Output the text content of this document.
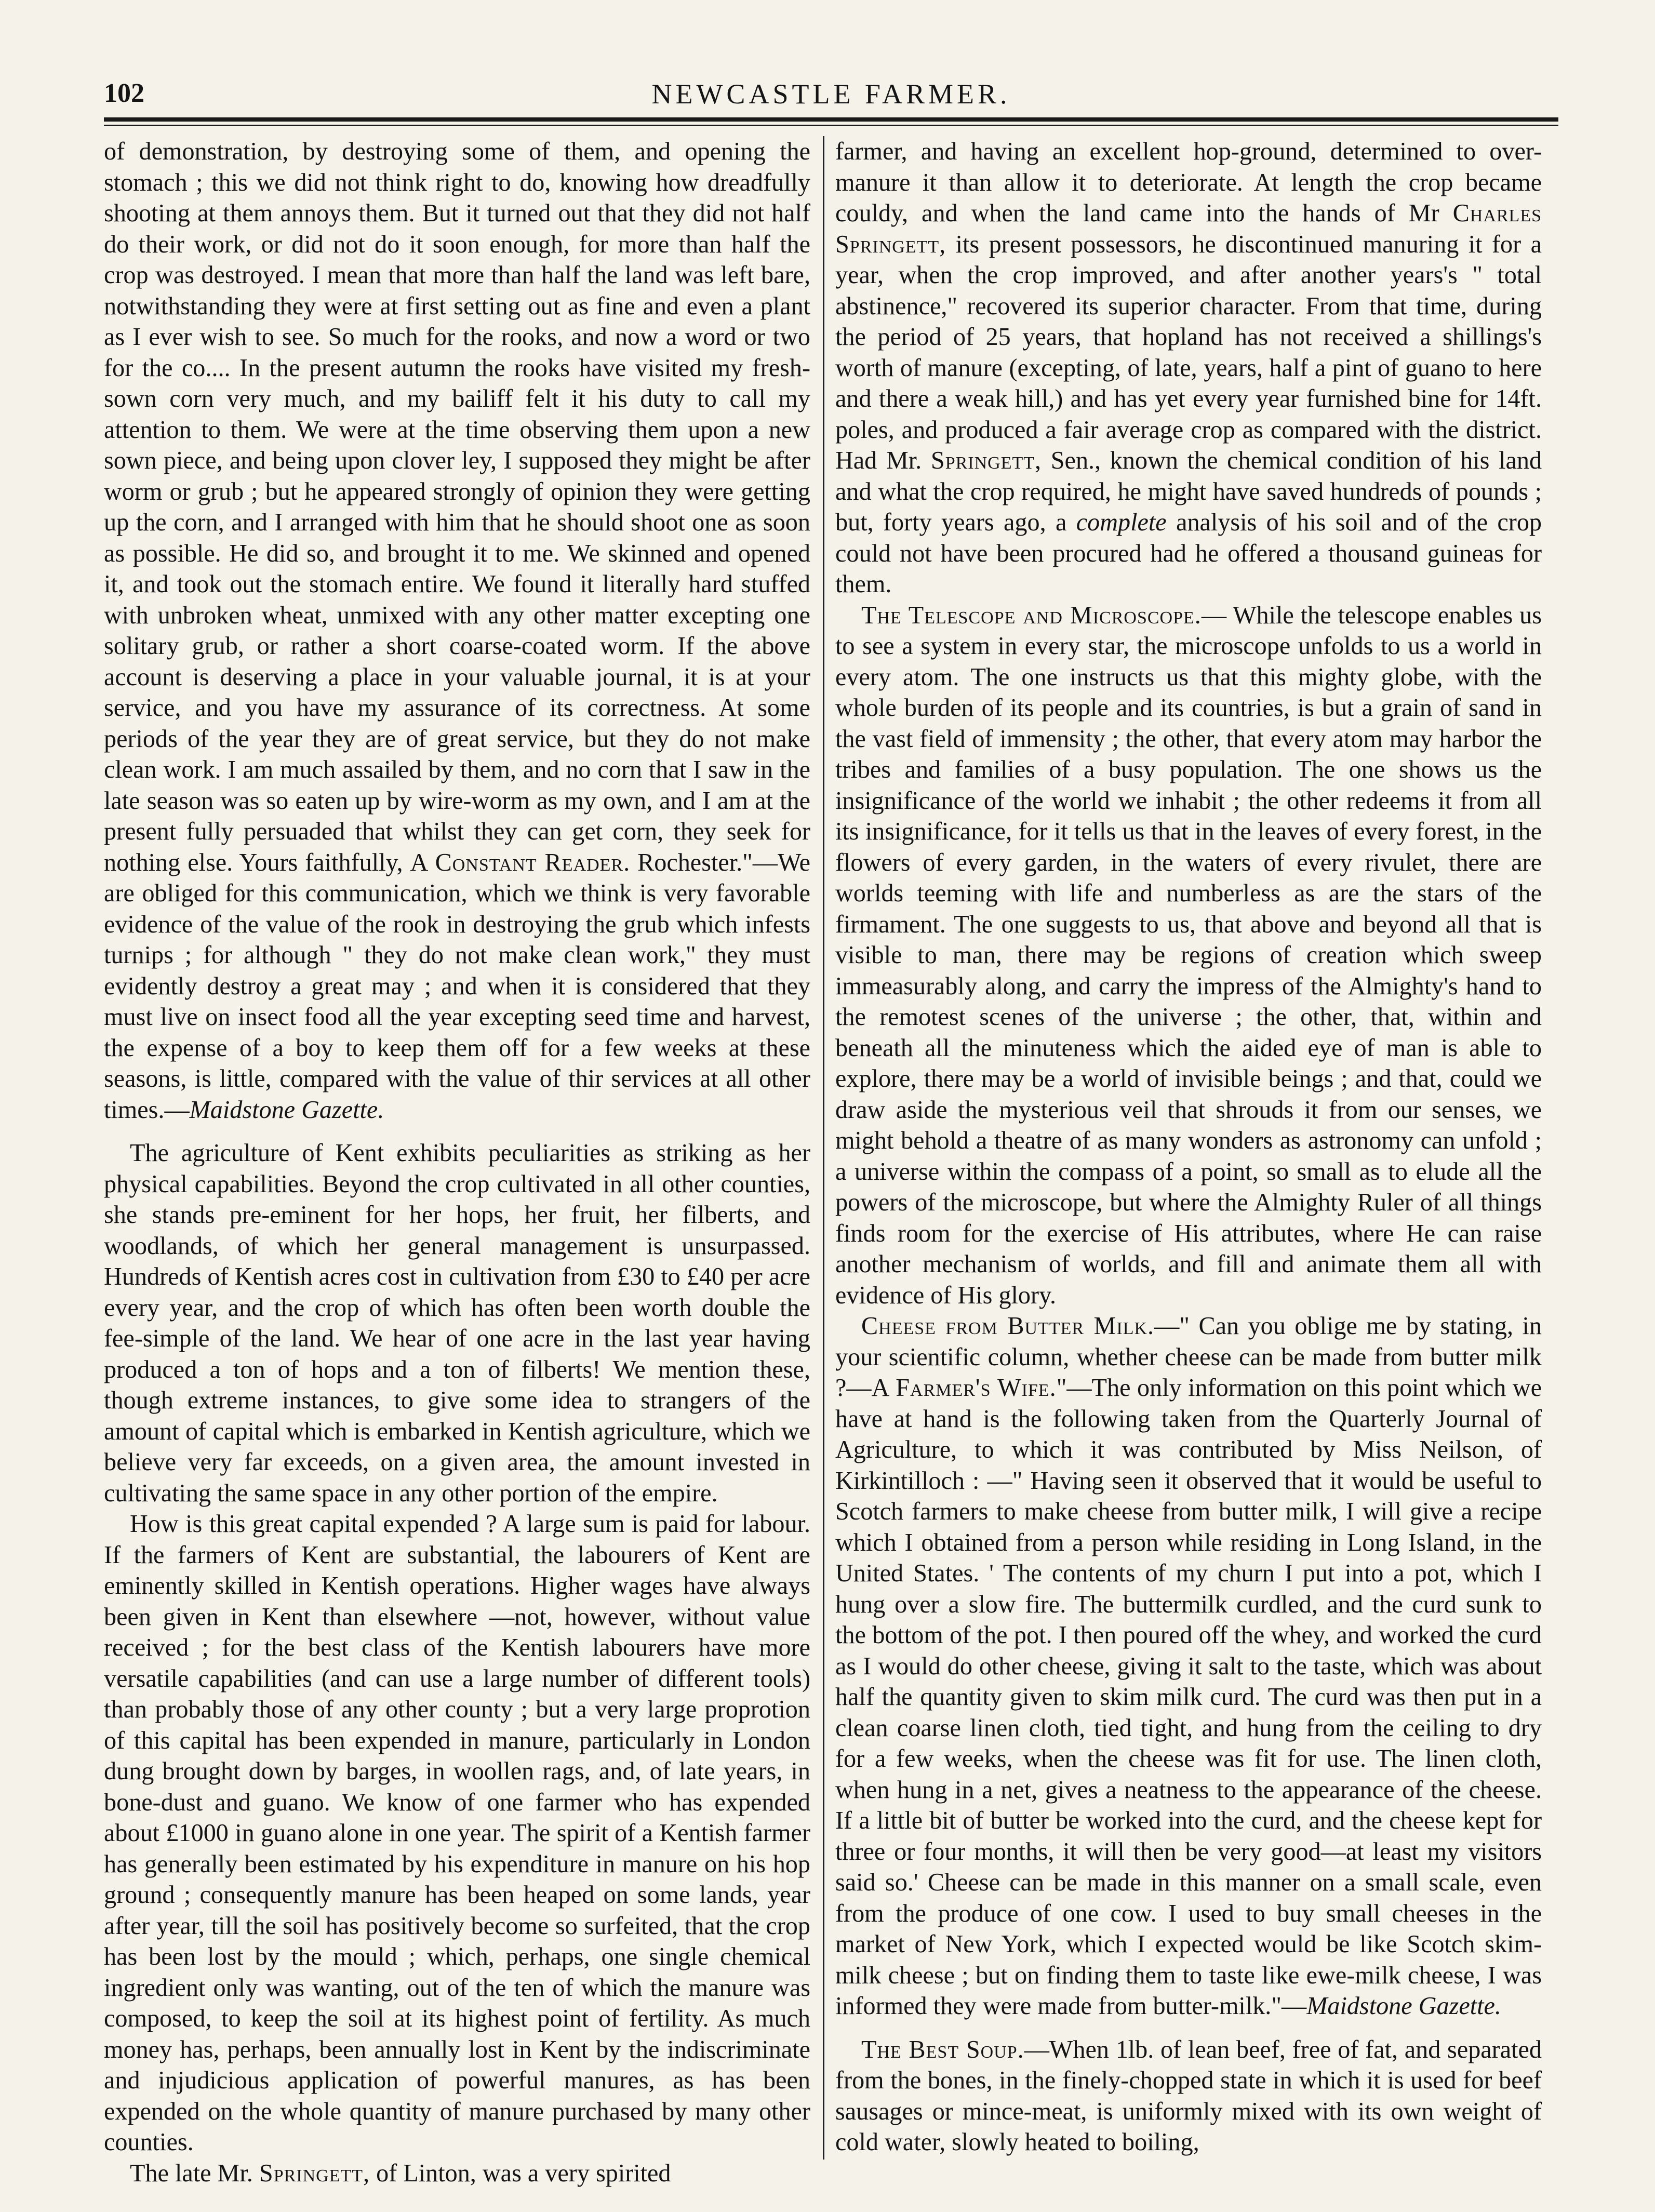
102	NEWCASTLE FARMER.

of demonstration, by destroying some of them, and opening the stomach ; this we did not think right to do, knowing how dreadfully shooting at them annoys them. But it turned out that they did not half do their work, or did not do it soon enough, for more than half the crop was destroyed. I mean that more than half the land was left bare, notwithstanding they were at first setting out as fine and even a plant as I ever wish to see. So much for the rooks, and now a word or two for the co.... In the present autumn the rooks have visited my fresh-sown corn very much, and my bailiff felt it his duty to call my attention to them. We were at the time observing them upon a new sown piece, and being upon clover ley, I supposed they might be after worm or grub ; but he appeared strongly of opinion they were getting up the corn, and I arranged with him that he should shoot one as soon as possible. He did so, and brought it to me. We skinned and opened it, and took out the stomach entire. We found it literally hard stuffed with unbroken wheat, unmixed with any other matter excepting one solitary grub, or rather a short coarse-coated worm. If the above account is deserving a place in your valuable journal, it is at your service, and you have my assurance of its correctness. At some periods of the year they are of great service, but they do not make clean work. I am much assailed by them, and no corn that I saw in the late season was so eaten up by wire-worm as my own, and I am at the present fully persuaded that whilst they can get corn, they seek for nothing else. Yours faithfully, A Constant Reader. Rochester."—We are obliged for this communication, which we think is very favorable evidence of the value of the rook in destroying the grub which infests turnips ; for although " they do not make clean work," they must evidently destroy a great may ; and when it is considered that they must live on insect food all the year excepting seed time and harvest, the expense of a boy to keep them off for a few weeks at these seasons, is little, compared with the value of thir services at all other times.—Maidstone Gazette.

The agriculture of Kent exhibits peculiarities as striking as her physical capabilities. Beyond the crop cultivated in all other counties, she stands pre-eminent for her hops, her fruit, her filberts, and woodlands, of which her general management is unsurpassed. Hundreds of Kentish acres cost in cultivation from £30 to £40 per acre every year, and the crop of which has often been worth double the fee-simple of the land. We hear of one acre in the last year having produced a ton of hops and a ton of filberts! We mention these, though extreme instances, to give some idea to strangers of the amount of capital which is embarked in Kentish agriculture, which we believe very far exceeds, on a given area, the amount invested in cultivating the same space in any other portion of the empire.

How is this great capital expended ? A large sum is paid for labour. If the farmers of Kent are substantial, the labourers of Kent are eminently skilled in Kentish operations. Higher wages have always been given in Kent than elsewhere —not, however, without value received ; for the best class of the Kentish labourers have more versatile capabilities (and can use a large number of different tools) than probably those of any other county ; but a very large proprotion of this capital has been expended in manure, particularly in London dung brought down by barges, in woollen rags, and, of late years, in bone-dust and guano. We know of one farmer who has expended about £1000 in guano alone in one year. The spirit of a Kentish farmer has generally been estimated by his expenditure in manure on his hop ground ; consequently manure has been heaped on some lands, year after year, till the soil has positively become so surfeited, that the crop has been lost by the mould ; which, perhaps, one single chemical ingredient only was wanting, out of the ten of which the manure was composed, to keep the soil at its highest point of fertility. As much money has, perhaps, been annually lost in Kent by the indiscriminate and injudicious application of powerful manures, as has been expended on the whole quantity of manure purchased by many other counties.

The late Mr. Springett, of Linton, was a very spirited

farmer, and having an excellent hop-ground, determined to over-manure it than allow it to deteriorate. At length the crop became couldy, and when the land came into the hands of Mr Charles Springett, its present possessors, he discontinued manuring it for a year, when the crop improved, and after another years's " total abstinence," recovered its superior character. From that time, during the period of 25 years, that hopland has not received a shillings's worth of manure (excepting, of late, years, half a pint of guano to here and there a weak hill,) and has yet every year furnished bine for 14ft. poles, and produced a fair average crop as compared with the district. Had Mr. Springett, Sen., known the chemical condition of his land and what the crop required, he might have saved hundreds of pounds ; but, forty years ago, a complete analysis of his soil and of the crop could not have been procured had he offered a thousand guineas for them.

The Telescope and Microscope.— While the telescope enables us to see a system in every star, the microscope unfolds to us a world in every atom. The one instructs us that this mighty globe, with the whole burden of its people and its countries, is but a grain of sand in the vast field of immensity ; the other, that every atom may harbor the tribes and families of a busy population. The one shows us the insignificance of the world we inhabit ; the other redeems it from all its insignificance, for it tells us that in the leaves of every forest, in the flowers of every garden, in the waters of every rivulet, there are worlds teeming with life and numberless as are the stars of the firmament. The one suggests to us, that above and beyond all that is visible to man, there may be regions of creation which sweep immeasurably along, and carry the impress of the Almighty's hand to the remotest scenes of the universe ; the other, that, within and beneath all the minuteness which the aided eye of man is able to explore, there may be a world of invisible beings ; and that, could we draw aside the mysterious veil that shrouds it from our senses, we might behold a theatre of as many wonders as astronomy can unfold ; a universe within the compass of a point, so small as to elude all the powers of the microscope, but where the Almighty Ruler of all things finds room for the exercise of His attributes, where He can raise another mechanism of worlds, and fill and animate them all with evidence of His glory.

Cheese from Butter Milk.—" Can you oblige me by stating, in your scientific column, whether cheese can be made from butter milk ?—A Farmer's Wife."—The only information on this point which we have at hand is the following taken from the Quarterly Journal of Agriculture, to which it was contributed by Miss Neilson, of Kirkintilloch : —" Having seen it observed that it would be useful to Scotch farmers to make cheese from butter milk, I will give a recipe which I obtained from a person while residing in Long Island, in the United States. ' The contents of my churn I put into a pot, which I hung over a slow fire. The buttermilk curdled, and the curd sunk to the bottom of the pot. I then poured off the whey, and worked the curd as I would do other cheese, giving it salt to the taste, which was about half the quantity given to skim milk curd. The curd was then put in a clean coarse linen cloth, tied tight, and hung from the ceiling to dry for a few weeks, when the cheese was fit for use. The linen cloth, when hung in a net, gives a neatness to the appearance of the cheese. If a little bit of butter be worked into the curd, and the cheese kept for three or four months, it will then be very good—at least my visitors said so.' Cheese can be made in this manner on a small scale, even from the produce of one cow. I used to buy small cheeses in the market of New York, which I expected would be like Scotch skim-milk cheese ; but on finding them to taste like ewe-milk cheese, I was informed they were made from butter-milk."—Maidstone Gazette.

The Best Soup.—When 1lb. of lean beef, free of fat, and separated from the bones, in the finely-chopped state in which it is used for beef sausages or mince-meat, is uniformly mixed with its own weight of cold water, slowly heated to boiling,
